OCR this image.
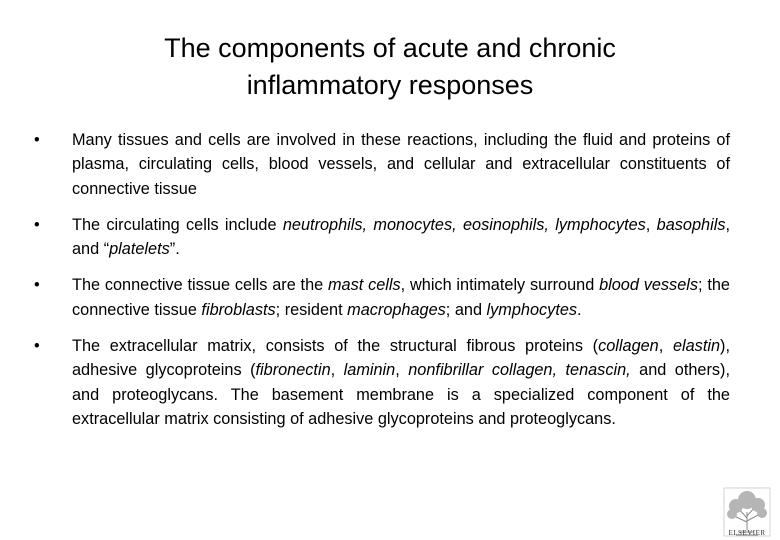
The components of acute and chronic
inflammatory responses
• Many tissues and cells are involved in these reactions, including the fluid and proteins of plasma, circulating cells, blood vessels, and cellular and extracellular constituents of connective tissue
• The circulating cells include neutrophils, monocytes, eosinophils, lymphocytes, basophils, and “platelets”.
• The connective tissue cells are the mast cells, which intimately surround blood vessels; the connective tissue fibroblasts; resident macrophages; and lymphocytes.
• The extracellular matrix, consists of the structural fibrous proteins (collagen, elastin), adhesive glycoproteins (fibronectin, laminin, nonfibrillar collagen, tenascin, and others), and proteoglycans. The basement membrane is a specialized component of the extracellular matrix consisting of adhesive glycoproteins and proteoglycans.
ELSEVIER
